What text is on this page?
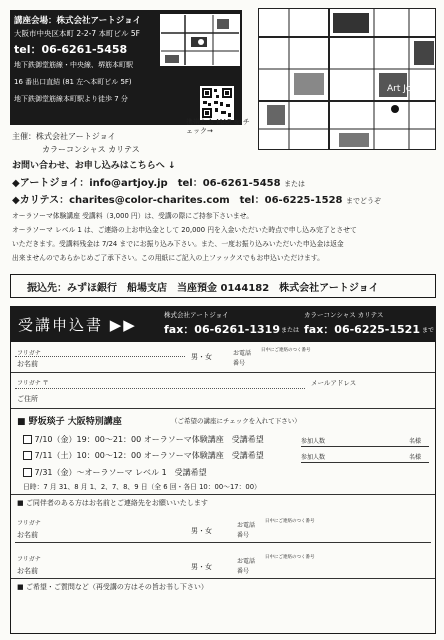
講座会場：株式会社アートジョイ
大阪市中央区本町 2-2-7 本町ビル 5F
tel：06-6261-5458
地下鉄御堂筋線・中央線、堺筋本町駅
16 番出口直結 (81 左へ本町ビル 5F)
地下鉄御堂筋線本町駅より徒歩 7 分
携帯から MAP を チェック→
Art Joy
主催：株式会社アートジョイ
カラーコンシャス カリテス
お問い合わせ、お申し込みはこちらへ ↓
◆アートジョイ：info@artjoy.jp　tel：06-6261-5458 または
◆カリテス：charites@color-charites.com　tel：06-6225-1528 までどうぞ
オーラソーマ体験講座 受講料（3,000 円）は、受講の際にご持参下さいませ。
オーラソーマ レベル 1 は、ご連絡の上お申込金として 20,000 円を入金いただいた時点で申し込み完了とさせて
いただきます。受講料残金は 7/24 までにお振り込み下さい。また、一度お振り込みいただいた申込金は返金
出来ませんのであらかじめご了承下さい。この用紙にご記入の上ファックスでもお申込いただけます。
振込先：みずほ銀行　船場支店　当座預金 0144182　株式会社アートジョイ
受講申込書 ▶▶
株式会社アートジョイ
fax：06-6261-1319 または
カラーコンシャス カリテス
fax：06-6225-1521 まで
フリガナ
お名前
男・女	お電話
番号
日中にご連絡のつく番号
フリガナ 〒	メールアドレス
ご住所
■ 野坂琰子 大阪特別講座	（ご希望の講座にチェックを入れて下さい）
7/10（金）19：00～21：00 オーラソーマ体験講座　受講希望	参加人数	名様
7/11（土）10：00～12：00 オーラソーマ体験講座　受講希望	参加人数	名様
7/31（金）～オーラソーマ レベル 1　受講希望
日時：7 月 31、8 月 1、2、7、8、9 日（全 6 回・各日 10：00～17：00）
■ ご同伴者のある方はお名前とご連絡先をお願いいたします
フリガナ
お名前	男・女
お電話
番号
日中にご連絡のつく番号
フリガナ
お名前	男・女
お電話
番号
日中にご連絡のつく番号
■ ご希望・ご質問など（再受講の方はその旨お书し下さい）
